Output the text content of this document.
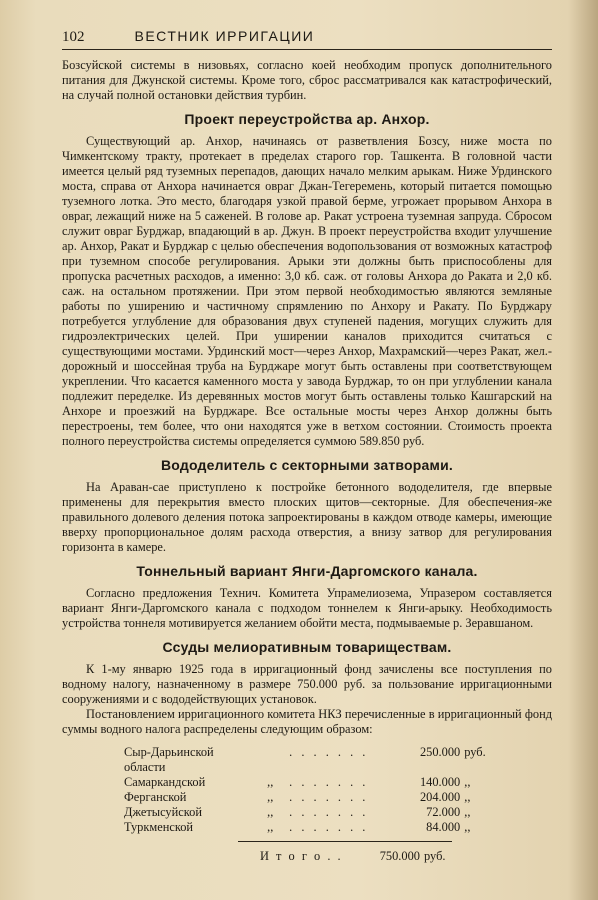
102	ВЕСТНИК ИРРИГАЦИИ

Бозсуйской системы в низовьях, согласно коей необходим пропуск дополнительного питания для Джунской системы. Кроме того, сброс рассматривался как катастрофический, на случай полной остановки действия турбин.

Проект переустройства ар. Анхор.

Существующий ар. Анхор, начинаясь от разветвления Бозсу, ниже моста по Чимкентскому тракту, протекает в пределах старого гор. Ташкента. В головной части имеется целый ряд туземных перепадов, дающих начало мелким арыкам. Ниже Урдинского моста, справа от Анхора начинается овраг Джан-Тегеремень, который питается помощью туземного лотка. Это место, благодаря узкой правой берме, угрожает прорывом Анхора в овраг, лежащий ниже на 5 саженей. В голове ар. Ракат устроена туземная запруда. Сбросом служит овраг Бурджар, впадающий в ар. Джун. В проект переустройства входит улучшение ар. Анхор, Ракат и Бурджар с целью обеспечения водопользования от возможных катастроф при туземном способе регулирования. Арыки эти должны быть приспособлены для пропуска расчетных расходов, а именно: 3,0 кб. саж. от головы Анхора до Раката и 2,0 кб. саж. на остальном протяжении. При этом первой необходимостью являются земляные работы по уширению и частичному спрямлению по Анхору и Ракату. По Бурджару потребуется углубление для образования двух ступеней падения, могущих служить для гидроэлектрических целей. При уширении каналов приходится считаться с существующими мостами. Урдинский мост—через Анхор, Махрамский—через Ракат, жел.-дорожный и шоссейная труба на Бурджаре могут быть оставлены при соответствующем укреплении. Что касается каменного моста у завода Бурджар, то он при углублении канала подлежит переделке. Из деревянных мостов могут быть оставлены только Кашгарский на Анхоре и проезжий на Бурджаре. Все остальные мосты через Анхор должны быть перестроены, тем более, что они находятся уже в ветхом состоянии. Стоимость проекта полного переустройства системы определяется суммою 589.850 руб.

Вододелитель с секторными затворами.

На Араван-сае приступлено к постройке бетонного вододелителя, где впервые применены для перекрытия вместо плоских щитов—секторные. Для обеспечения-же правильного долевого деления потока запроектированы в каждом отводе камеры, имеющие вверху пропорциональное долям расхода отверстия, а внизу затвор для регулирования горизонта в камере.

Тоннельный вариант Янги-Даргомского канала.

Согласно предложения Технич. Комитета Упрамелиозема, Упразером составляется вариант Янги-Даргомского канала с подходом тоннелем к Янги-арыку. Необходимость устройства тоннеля мотивируется желанием обойти места, подмываемые р. Зеравшаном.

Ссуды мелиоративным товариществам.

К 1-му январю 1925 года в ирригационный фонд зачислены все поступления по водному налогу, назначенному в размере 750.000 руб. за пользование ирригационными сооружениями и с вододействующих установок.

Постановлением ирригационного комитета НКЗ перечисленные в ирригационный фонд суммы водного налога распределены следующим образом:

Сыр-Дарьинской области
. . . . . . .	250.000 руб.
Самаркандской	,,	. . . . . . .	140.000 ,,
Ферганской	,,	. . . . . . .	204.000 ,,
Джетысуйской	,,	. . . . . . .	72.000 ,,
Туркменской	,,	. . . . . . .	84.000 ,,
И т о г о . .	750.000 руб.
